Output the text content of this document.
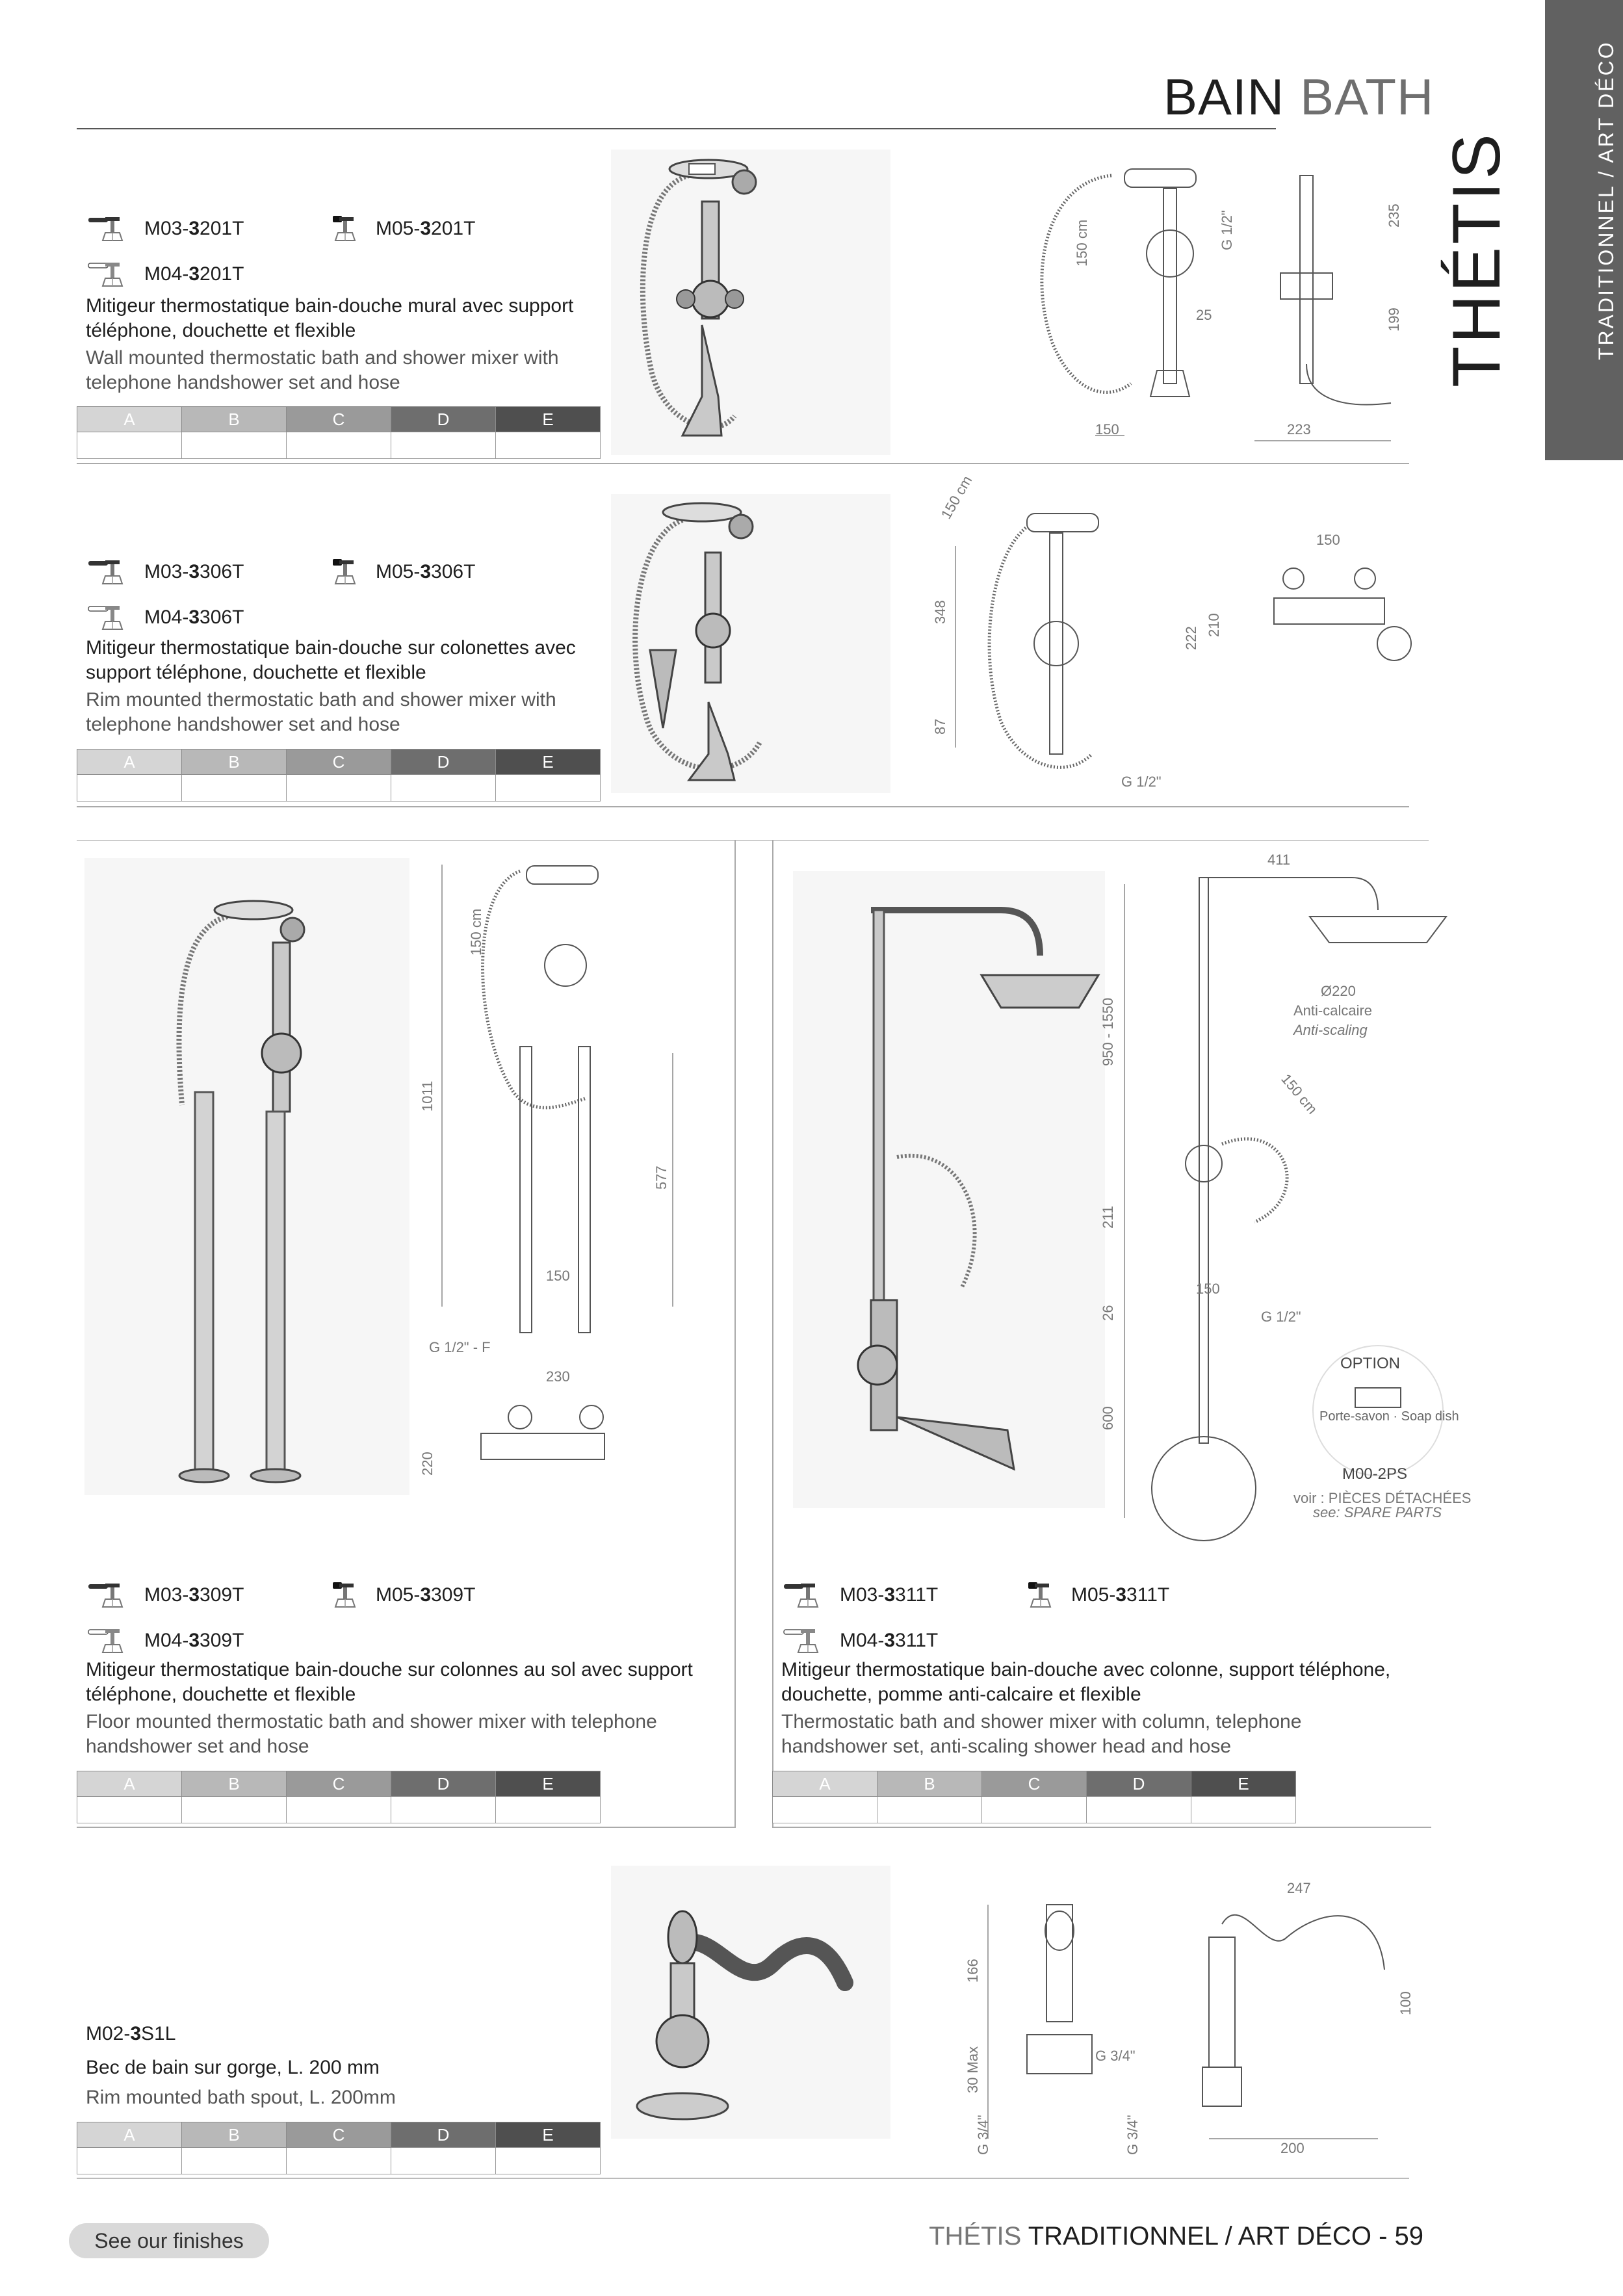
BAIN BATH	TRADITIONNEL / ART DÉCO
THÉTIS
M03- 3 201T	M05- 3 201T
M04- 3 201T
Mitigeur thermostatique bain-douche mural avec support téléphone, douchette et flexible
Wall mounted thermostatic bath and shower mixer with telephone handshower set and hose
A	B	C	D	E

150 cm
150
G 1/2"
25
235
199
223
M03- 3 306T	M05- 3 306T
M04- 3 306T
Mitigeur thermostatique bain-douche sur colonettes avec support téléphone, douchette et flexible
Rim mounted thermostatic bath and shower mixer with telephone handshower set and hose
A	B	C	D	E

150 cm
348
87
G 1/2"
150
222
210
150 cm
1011
577
150
G 1/2" - F
230
220
411
Ø220
Anti-calcaire
Anti-scaling
950 - 1550
150 cm
211
150
26	G 1/2"
600
OPTION
M00-2PS
Porte-savon · Soap dish
voir : PIÈCES DÉTACHÉES
see: SPARE PARTS
M03- 3 309T	M05- 3 309T
M04- 3 309T
Mitigeur thermostatique bain-douche sur colonnes au sol avec support téléphone, douchette et flexible
Floor mounted thermostatic bath and shower mixer with telephone handshower set and hose
A	B	C	D	E

M03- 3 311T	M05- 3 311T
M04- 3 311T
Mitigeur thermostatique bain-douche avec colonne, support téléphone, douchette, pomme anti-calcaire et flexible
Thermostatic bath and shower mixer with column, telephone handshower set, anti-scaling shower head and hose
A	B	C	D	E

M02- 3 S1L
Bec de bain sur gorge, L. 200 mm
Rim mounted bath spout, L. 200mm
A	B	C	D	E

166
30 Max	G 3/4"
G 3/4"	G 3/4"
247
100
200
See our finishes	THÉTIS TRADITIONNEL / ART DÉCO - 59
